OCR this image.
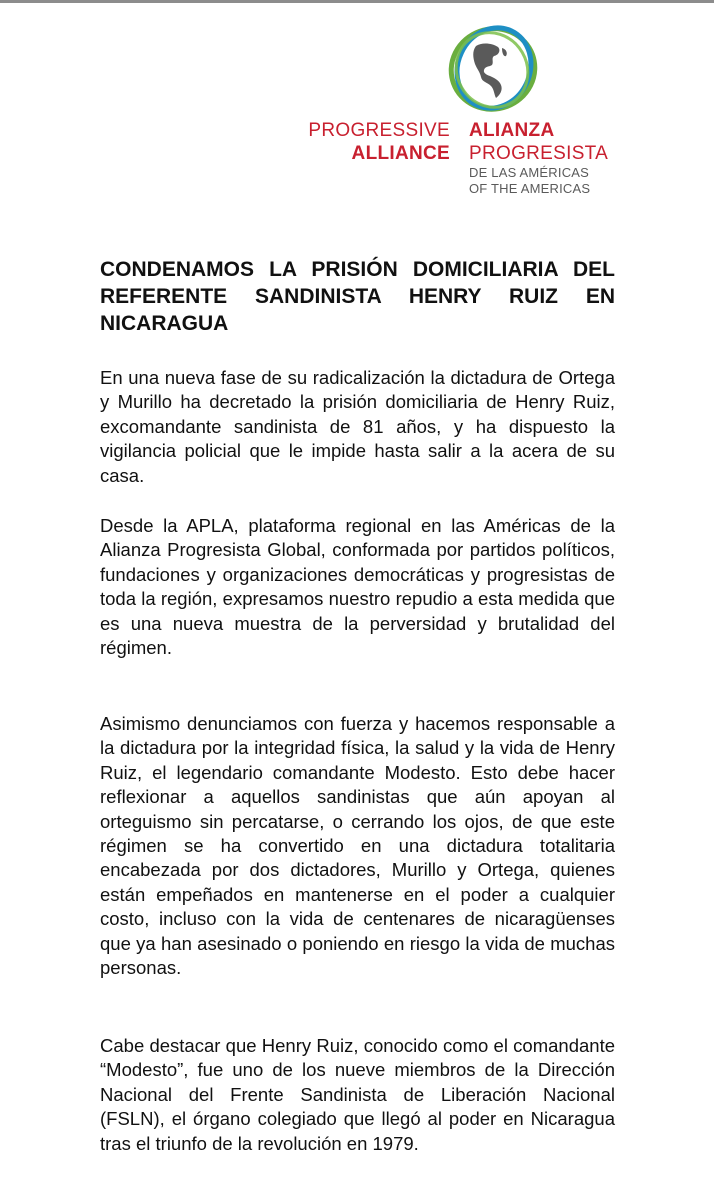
PROGRESSIVE
ALLIANCE
ALIANZA
PROGRESISTA
DE LAS AMÉRICAS
OF THE AMERICAS
CONDENAMOS LA PRISIÓN DOMICILIARIA DEL REFERENTE SANDINISTA HENRY RUIZ EN NICARAGUA

En una nueva fase de su radicalización la dictadura de Ortega y Murillo ha decretado la prisión domiciliaria de Henry Ruiz, excomandante sandinista de 81 años, y ha dispuesto la vigilancia policial que le impide hasta salir a la acera de su casa.

Desde la APLA, plataforma regional en las Américas de la Alianza Progresista Global, conformada por partidos políticos, fundaciones y organizaciones democráticas y progresistas de toda la región, expresamos nuestro repudio a esta medida que es una nueva muestra de la perversidad y brutalidad del régimen.

Asimismo denunciamos con fuerza y hacemos responsable a la dictadura por la integridad física, la salud y la vida de Henry Ruiz, el legendario comandante Modesto. Esto debe hacer reflexionar a aquellos sandinistas que aún apoyan al orteguismo sin percatarse, o cerrando los ojos, de que este régimen se ha convertido en una dictadura totalitaria encabezada por dos dictadores, Murillo y Ortega, quienes están empeñados en mantenerse en el poder a cualquier costo, incluso con la vida de centenares de nicaragüenses que ya han asesinado o poniendo en riesgo la vida de muchas personas.

Cabe destacar que Henry Ruiz, conocido como el comandante “Modesto”, fue uno de los nueve miembros de la Dirección Nacional del Frente Sandinista de Liberación Nacional (FSLN), el órgano colegiado que llegó al poder en Nicaragua tras el triunfo de la revolución en 1979.
